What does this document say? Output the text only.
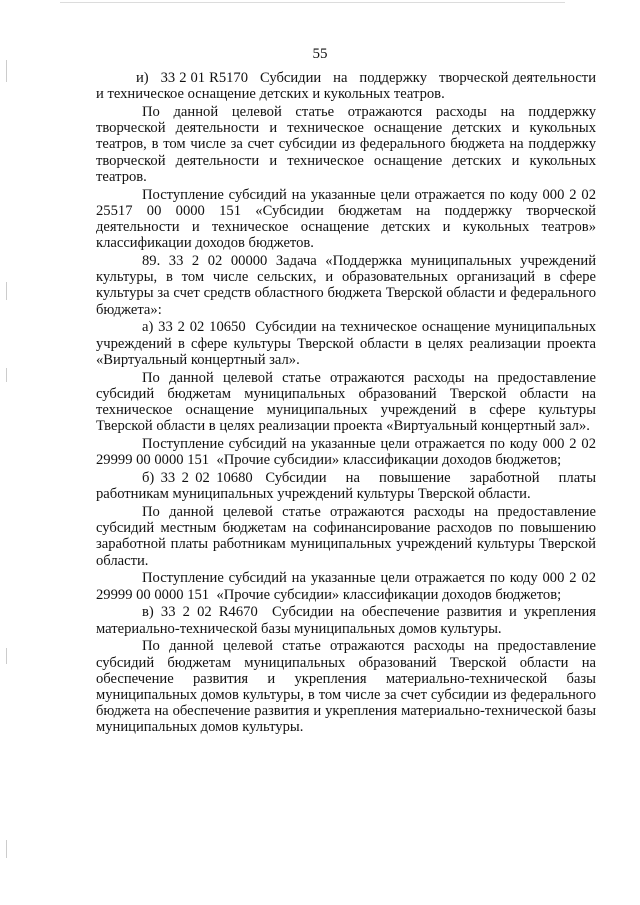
55

и)   33 2 01 R5170   Субсидии   на   поддержку   творческой деятельности и техническое оснащение детских и кукольных театров.

По данной целевой статье отражаются расходы на поддержку творческой деятельности и техническое оснащение детских и кукольных театров, в том числе за счет субсидии из федерального бюджета на поддержку творческой деятельности и техническое оснащение детских и кукольных театров.

Поступление субсидий на указанные цели отражается по коду 000 2 02 25517 00 0000 151 «Субсидии бюджетам на поддержку творческой деятельности и техническое оснащение детских и кукольных театров» классификации доходов бюджетов.

89. 33 2 02 00000 Задача «Поддержка муниципальных учреждений культуры, в том числе сельских, и образовательных организаций в сфере культуры за счет средств областного бюджета Тверской области и федерального бюджета»:

а) 33 2 02 10650  Субсидии на техническое оснащение муниципальных учреждений в сфере культуры Тверской области в целях реализации проекта «Виртуальный концертный зал».

По данной целевой статье отражаются расходы на предоставление субсидий бюджетам муниципальных образований Тверской области на техническое оснащение муниципальных учреждений в сфере культуры Тверской области в целях реализации проекта «Виртуальный концертный зал».

Поступление субсидий на указанные цели отражается по коду 000 2 02 29999 00 0000 151  «Прочие субсидии» классификации доходов бюджетов;

б) 33 2 02 10680  Субсидии   на   повышение   заработной   платы работникам муниципальных учреждений культуры Тверской области.

По данной целевой статье отражаются расходы на предоставление субсидий местным бюджетам на софинансирование расходов по повышению заработной платы работникам муниципальных учреждений культуры Тверской области.

Поступление субсидий на указанные цели отражается по коду 000 2 02 29999 00 0000 151  «Прочие субсидии» классификации доходов бюджетов;

в) 33 2 02 R4670  Субсидии на обеспечение развития и укрепления материально-технической базы муниципальных домов культуры.

По данной целевой статье отражаются расходы на предоставление субсидий бюджетам муниципальных образований Тверской области на обеспечение развития и укрепления материально-технической базы муниципальных домов культуры, в том числе за счет субсидии из федерального бюджета на обеспечение развития и укрепления материально-технической базы муниципальных домов культуры.
